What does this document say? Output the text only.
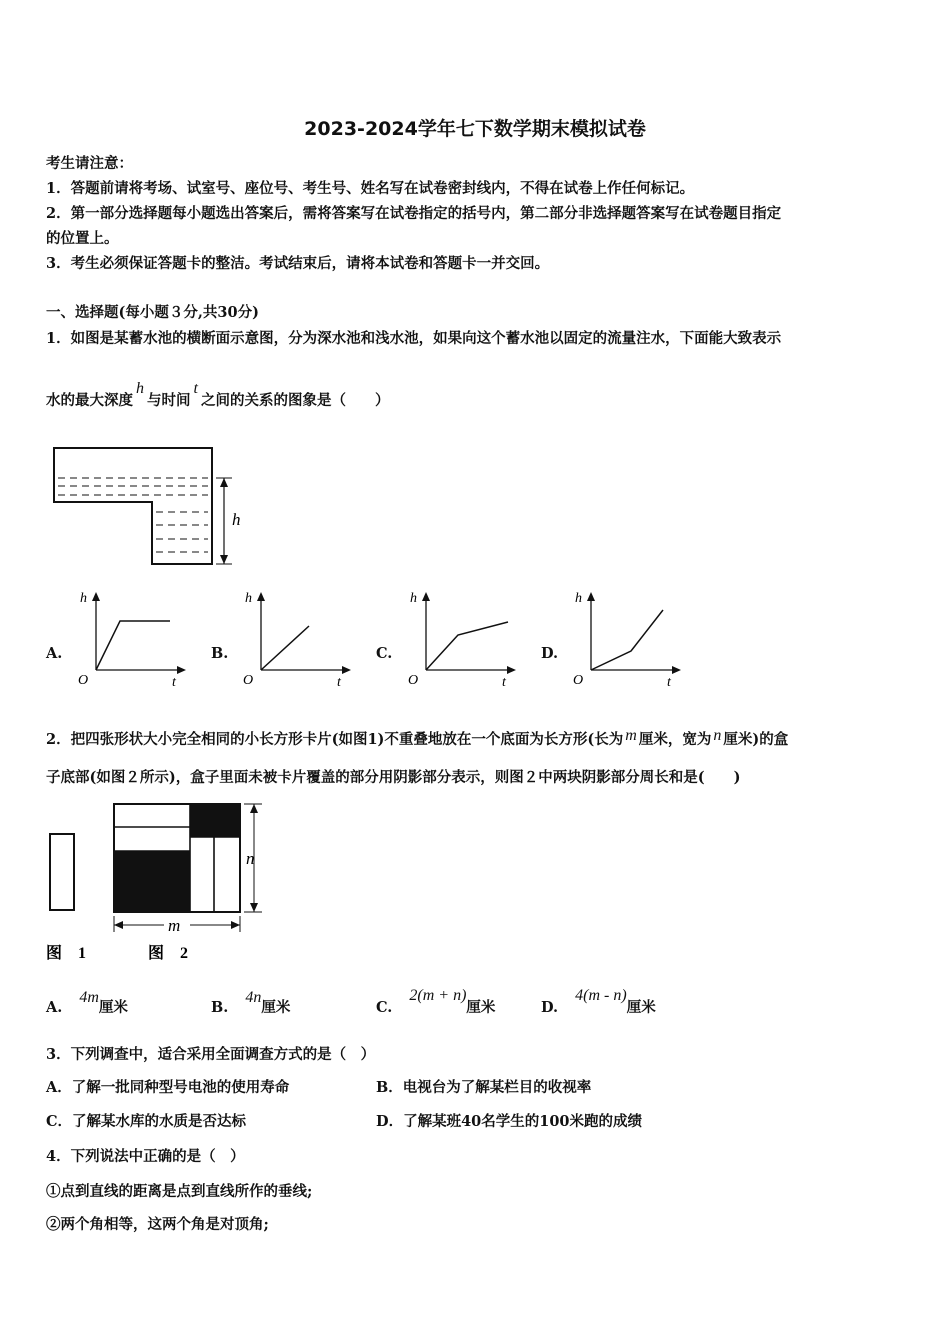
2023-2024学年七下数学期末模拟试卷
考生请注意：
1．答题前请将考场、试室号、座位号、考生号、姓名写在试卷密封线内，不得在试卷上作任何标记。
2．第一部分选择题每小题选出答案后，需将答案写在试卷指定的括号内，第二部分非选择题答案写在试卷题目指定
的位置上。
3．考生必须保证答题卡的整洁。考试结束后，请将本试卷和答题卡一并交回。
一、选择题(每小题３分,共30分)
1．如图是某蓄水池的横断面示意图，分为深水池和浅水池，如果向这个蓄水池以固定的流量注水，下面能大致表示
水的最大深度h与时间t之间的关系的图象是（　　）
h
A.
h
t
O
B.
h
t
O
C.
h
t
O
D.
h
t
O
2．把四张形状大小完全相同的小长方形卡片(如图1)不重叠地放在一个底面为长方形(长为 m 厘米，宽为 n 厘米)的盒
子底部(如图２所示)，盒子里面未被卡片覆盖的部分用阴影部分表示，则图２中两块阴影部分周长和是(　　)
n
m
图　1	图　2
A. 4m厘米	B. 4n厘米	C. 2(m + n)厘米	D. 4(m - n)厘米
3．下列调查中，适合采用全面调查方式的是（　）
A．了解一批同种型号电池的使用寿命	B．电视台为了解某栏目的收视率
C．了解某水库的水质是否达标	D．了解某班40名学生的100米跑的成绩
4．下列说法中正确的是（　）
①点到直线的距离是点到直线所作的垂线;
②两个角相等，这两个角是对顶角;
